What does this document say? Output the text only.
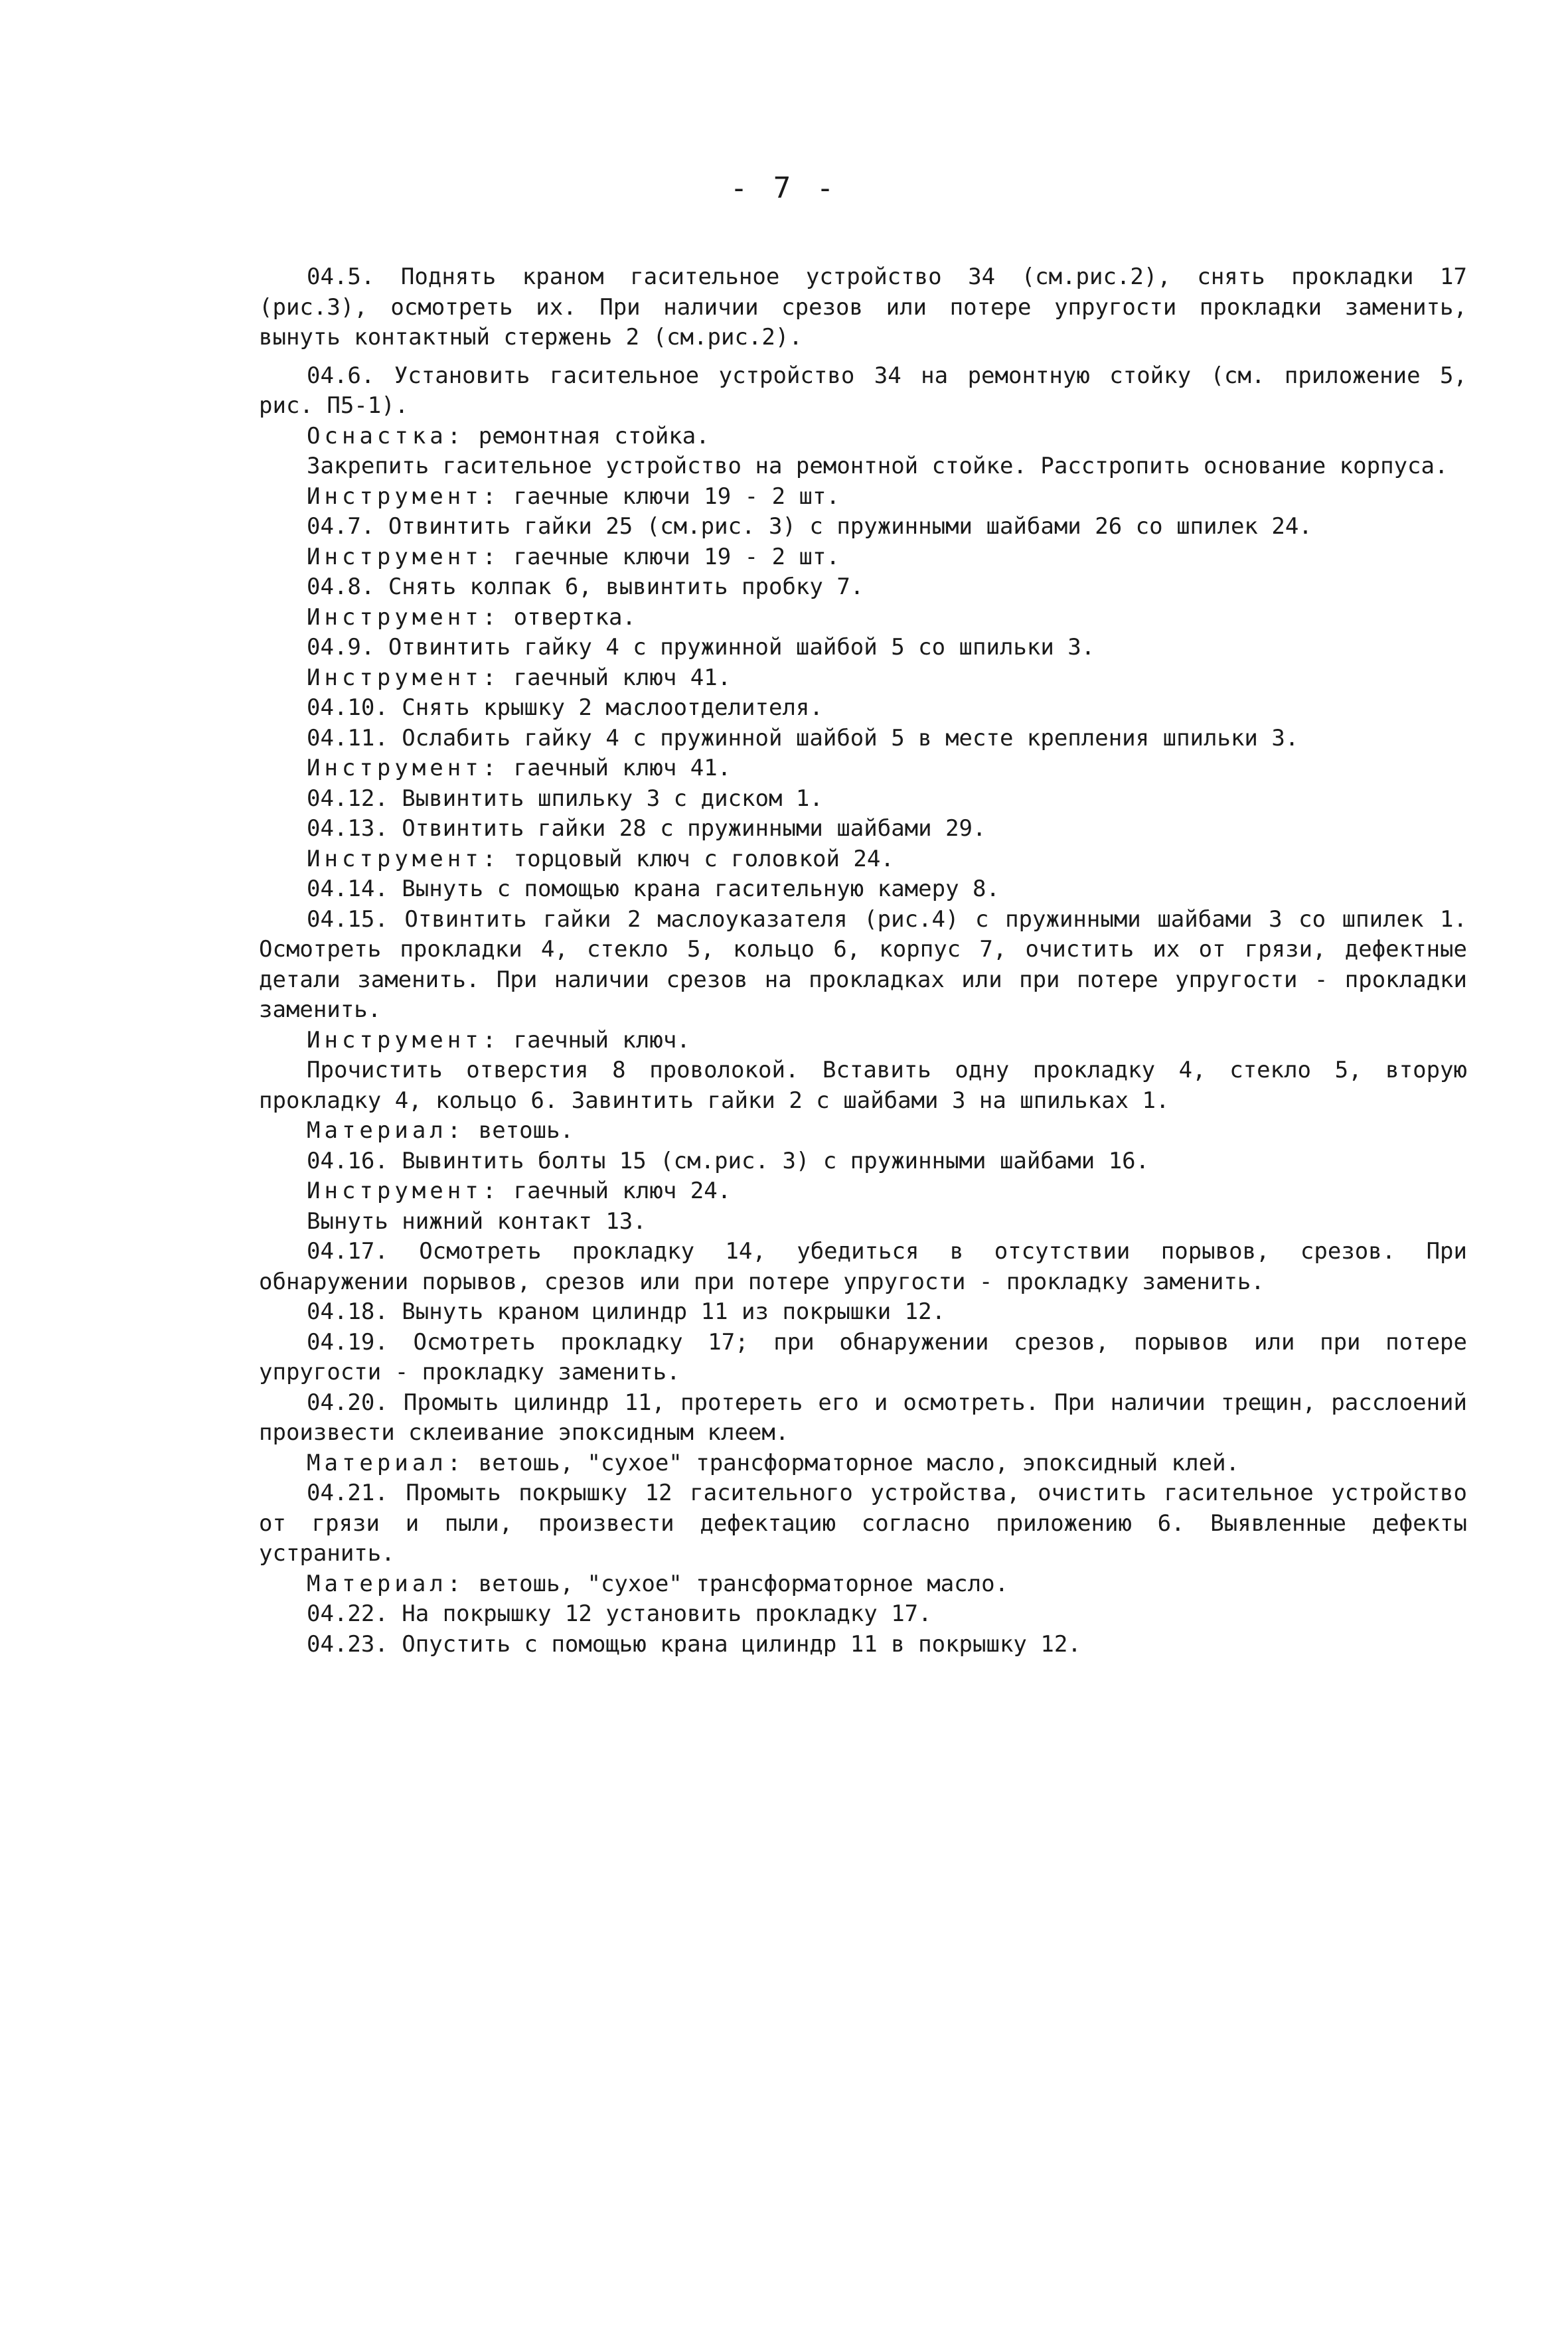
- 7 -

04.5. Поднять краном гасительное устройство 34 (см.рис.2), снять прокладки 17 (рис.3), осмотреть их. При наличии срезов или потере упругости прокладки заменить, вынуть контактный стержень 2 (см.рис.2).

04.6. Установить гасительное устройство 34 на ремонтную стойку (см. приложение 5, рис. П5-1).

Оснастка: ремонтная стойка.

Закрепить гасительное устройство на ремонтной стойке. Расстропить основание корпуса.

Инструмент: гаечные ключи 19 - 2 шт.

04.7. Отвинтить гайки 25 (см.рис. 3) с пружинными шайбами 26 со шпилек 24.

Инструмент: гаечные ключи 19 - 2 шт.

04.8. Снять колпак 6, вывинтить пробку 7.

Инструмент: отвертка.

04.9. Отвинтить гайку 4 с пружинной шайбой 5 со шпильки 3.

Инструмент: гаечный ключ 41.

04.10. Снять крышку 2 маслоотделителя.

04.11. Ослабить гайку 4 с пружинной шайбой 5 в месте крепления шпильки 3.

Инструмент: гаечный ключ 41.

04.12. Вывинтить шпильку 3 с диском 1.

04.13. Отвинтить гайки 28 с пружинными шайбами 29.

Инструмент: торцовый ключ с головкой 24.

04.14. Вынуть с помощью крана гасительную камеру 8.

04.15. Отвинтить гайки 2 маслоуказателя (рис.4) с пружинными шайбами 3 со шпилек 1. Осмотреть прокладки 4, стекло 5, кольцо 6, корпус 7, очистить их от грязи, дефектные детали заменить. При наличии срезов на прокладках или при потере упругости - прокладки заменить.

Инструмент: гаечный ключ.

Прочистить отверстия 8 проволокой. Вставить одну прокладку 4, стекло 5, вторую прокладку 4, кольцо 6. Завинтить гайки 2 с шайбами 3 на шпильках 1.

Материал: ветошь.

04.16. Вывинтить болты 15 (см.рис. 3) с пружинными шайбами 16.

Инструмент: гаечный ключ 24.

Вынуть нижний контакт 13.

04.17. Осмотреть прокладку 14, убедиться в отсутствии порывов, срезов. При обнаружении порывов, срезов или при потере упругости - прокладку заменить.

04.18. Вынуть краном цилиндр 11 из покрышки 12.

04.19. Осмотреть прокладку 17; при обнаружении срезов, порывов или при потере упругости - прокладку заменить.

04.20. Промыть цилиндр 11, протереть его и осмотреть. При наличии трещин, расслоений произвести склеивание эпоксидным клеем.

Материал: ветошь, "сухое" трансформаторное масло, эпоксидный клей.

04.21. Промыть покрышку 12 гасительного устройства, очистить гасительное устройство от грязи и пыли, произвести дефектацию согласно приложению 6. Выявленные дефекты устранить.

Материал: ветошь, "сухое" трансформаторное масло.

04.22. На покрышку 12 установить прокладку 17.

04.23. Опустить с помощью крана цилиндр 11 в покрышку 12.
